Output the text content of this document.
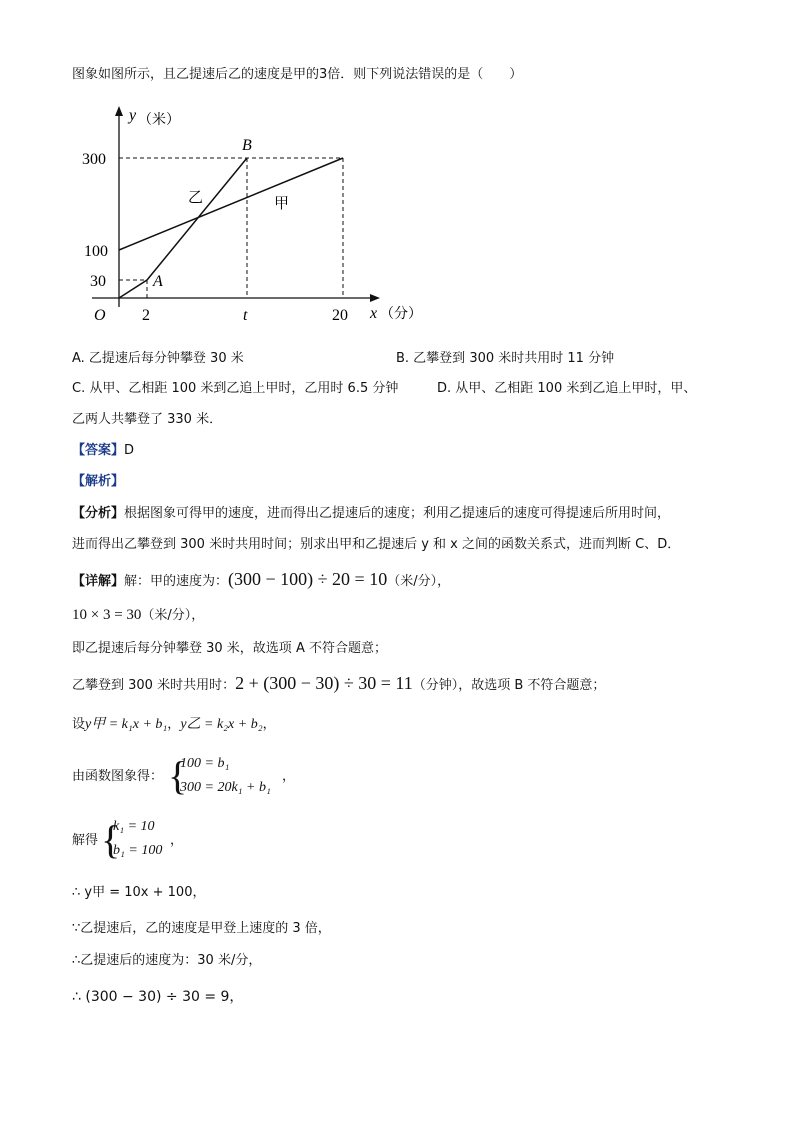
图象如图所示，且乙提速后乙的速度是甲的3倍．则下列说法错误的是（　　）
y （米）
300
100
30
O 2	t	20 x （分）
A
B
乙	甲
A. 乙提速后每分钟攀登 30 米	B. 乙攀登到 300 米时共用时 11 分钟
C. 从甲、乙相距 100 米到乙追上甲时，乙用时 6.5 分钟	D. 从甲、乙相距 100 米到乙追上甲时，甲、
乙两人共攀登了 330 米．
【答案】D
【解析】
【分析】根据图象可得甲的速度，进而得出乙提速后的速度；利用乙提速后的速度可得提速后所用时间，
进而得出乙攀登到 300 米时共用时间；别求出甲和乙提速后 y 和 x 之间的函数关系式，进而判断 C、D．
【详解】解：甲的速度为：(300 − 100) ÷ 20 = 10（米/分），
10 × 3 = 30（米/分），
即乙提速后每分钟攀登 30 米，故选项 A 不符合题意；
乙攀登到 300 米时共用时：2 + (300 − 30) ÷ 30 = 11（分钟），故选项 B 不符合题意；
设y甲 = k₁x + b₁，y乙 = k₂x + b₂，
由函数图象得： {
100 = b₁
300 = 20k₁ + b₁
，
解得 {
k₁ = 10
b₁ = 100
，
∴ y甲 = 10x + 100，
∵乙提速后，乙的速度是甲登上速度的 3 倍，
∴乙提速后的速度为：30 米/分，
∴ (300 − 30) ÷ 30 = 9，
